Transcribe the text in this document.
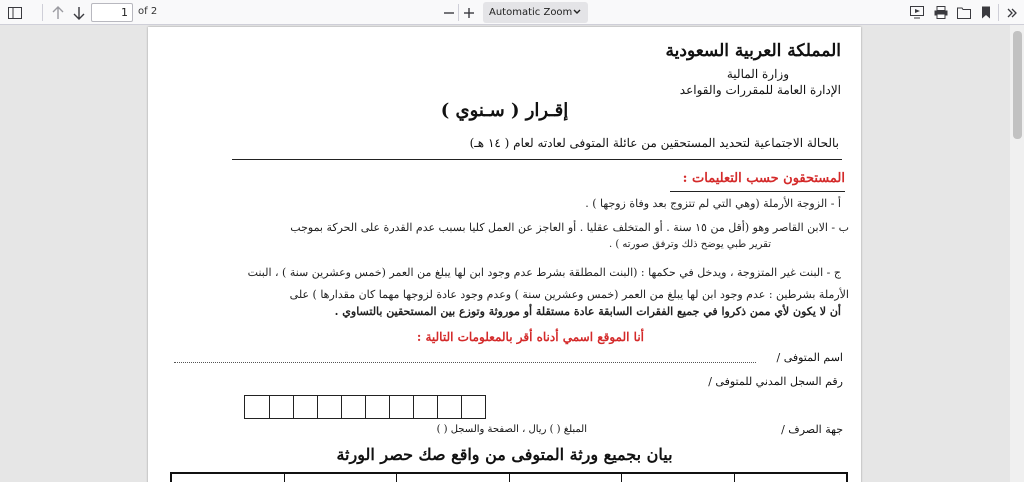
1
of 2	Automatic Zoom
المملكة العربية السعودية
وزارة المالية
الإدارة العامة للمقررات والقواعد
إقـرار ( سـنوي )
بالحالة الاجتماعية لتحديد المستحقين من عائلة المتوفى لعادته لعام ( ١٤ هـ)
المستحقون حسب التعليمات :
أ - الزوجة الأرملة (وهي التي لم تتزوج بعد وفاة زوجها ) .
ب - الابن القاصر وهو (أقل من ١٥ سنة . أو المتخلف عقليا . أو العاجز عن العمل كليا بسبب عدم القدرة على الحركة بموجب
تقرير طبي يوضح ذلك وترفق صورته ) .
ج - البنت غير المتزوجة ، ويدخل في حكمها : (البنت المطلقة بشرط عدم وجود ابن لها يبلغ من العمر (خمس وعشرين سنة ) ، البنت
الأرملة بشرطين : عدم وجود ابن لها يبلغ من العمر (خمس وعشرين سنة ) وعدم وجود عادة لزوجها مهما كان مقدارها ) على
أن لا يكون لأي ممن ذكروا في جميع الفقرات السابقة عادة مستقلة أو موروثة وتوزع بين المستحقين بالتساوي .
أنا الموقع اسمي أدناه أقر بالمعلومات التالية :
اسم المتوفى /
رقم السجل المدني للمتوفى /
جهة الصرف /
المبلغ ( ) ريال ، الصفحة والسجل ( )
بيان بجميع ورثة المتوفى من واقع صك حصر الورثة
